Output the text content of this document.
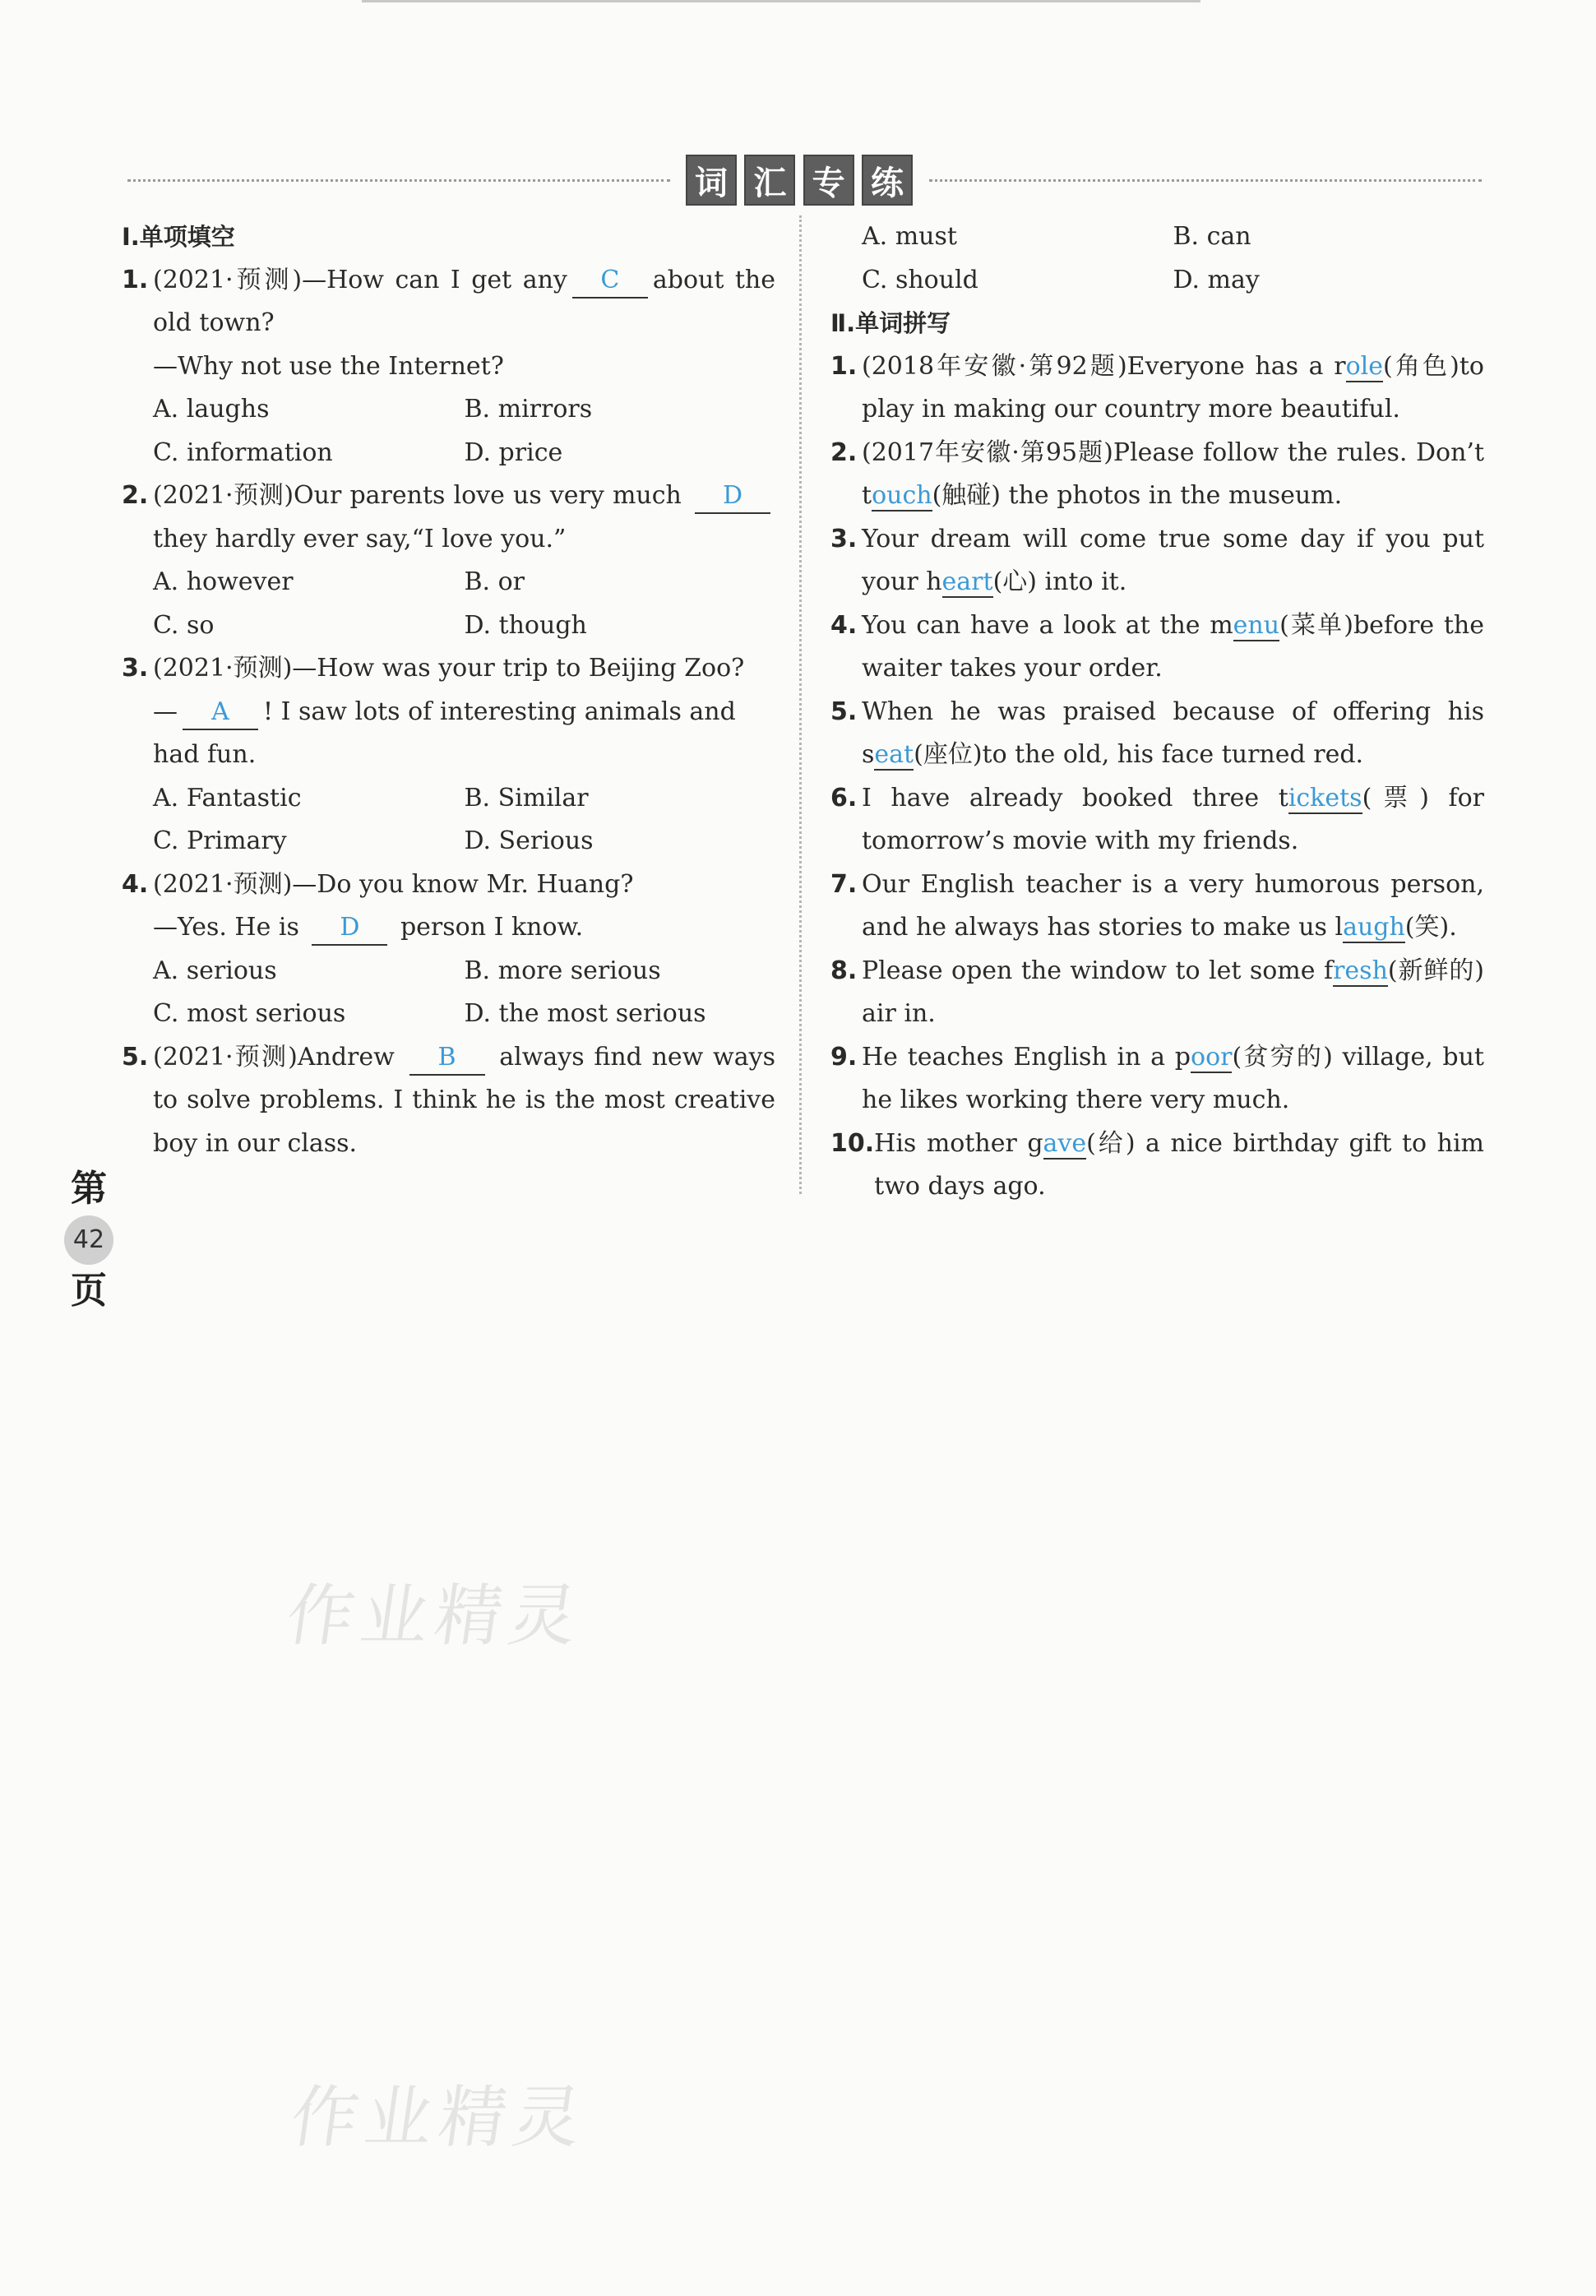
词 汇 专 练
Ⅰ.单项填空
1. (2021·预测)—How can I get any C about the old town?
—Why not use the Internet?
A. laughs	B. mirrors
C. information	D. price
2. (2021·预测)Our parents love us very much Dthey hardly ever say,“I love you.”
A. however	B. or
C. so	D. though
3. (2021·预测)—How was your trip to Beijing Zoo?
— A ! I saw lots of interesting animals and had fun.
A. Fantastic	B. Similar
C. Primary	D. Serious
4. (2021·预测)—Do you know Mr. Huang?
—Yes. He is D person I know.
A. serious	B. more serious
C. most serious	D. the most serious
5. (2021·预测)Andrew B always find new ways to solve problems. I think he is the most creative boy in our class.
A. must	B. can
C. should	D. may
Ⅱ.单词拼写
1. (2018年安徽·第92题)Everyone has a role(角色)to play in making our country more beautiful.
2. (2017年安徽·第95题)Please follow the rules. Don’t touch(触碰) the photos in the museum.
3. Your dream will come true some day if you put your heart(心) into it.
4. You can have a look at the menu(菜单)before the waiter takes your order.
5. When he was praised because of offering his seat(座位)to the old, his face turned red.
6. I have already booked three tickets(票) for tomorrow’s movie with my friends.
7. Our English teacher is a very humorous person, and he always has stories to make us laugh(笑).
8. Please open the window to let some fresh(新鲜的) air in.
9. He teaches English in a poor(贫穷的) village, but he likes working there very much.
10. His mother gave(给) a nice birthday gift to him two days ago.
第
42
页
作业精灵
作业精灵
